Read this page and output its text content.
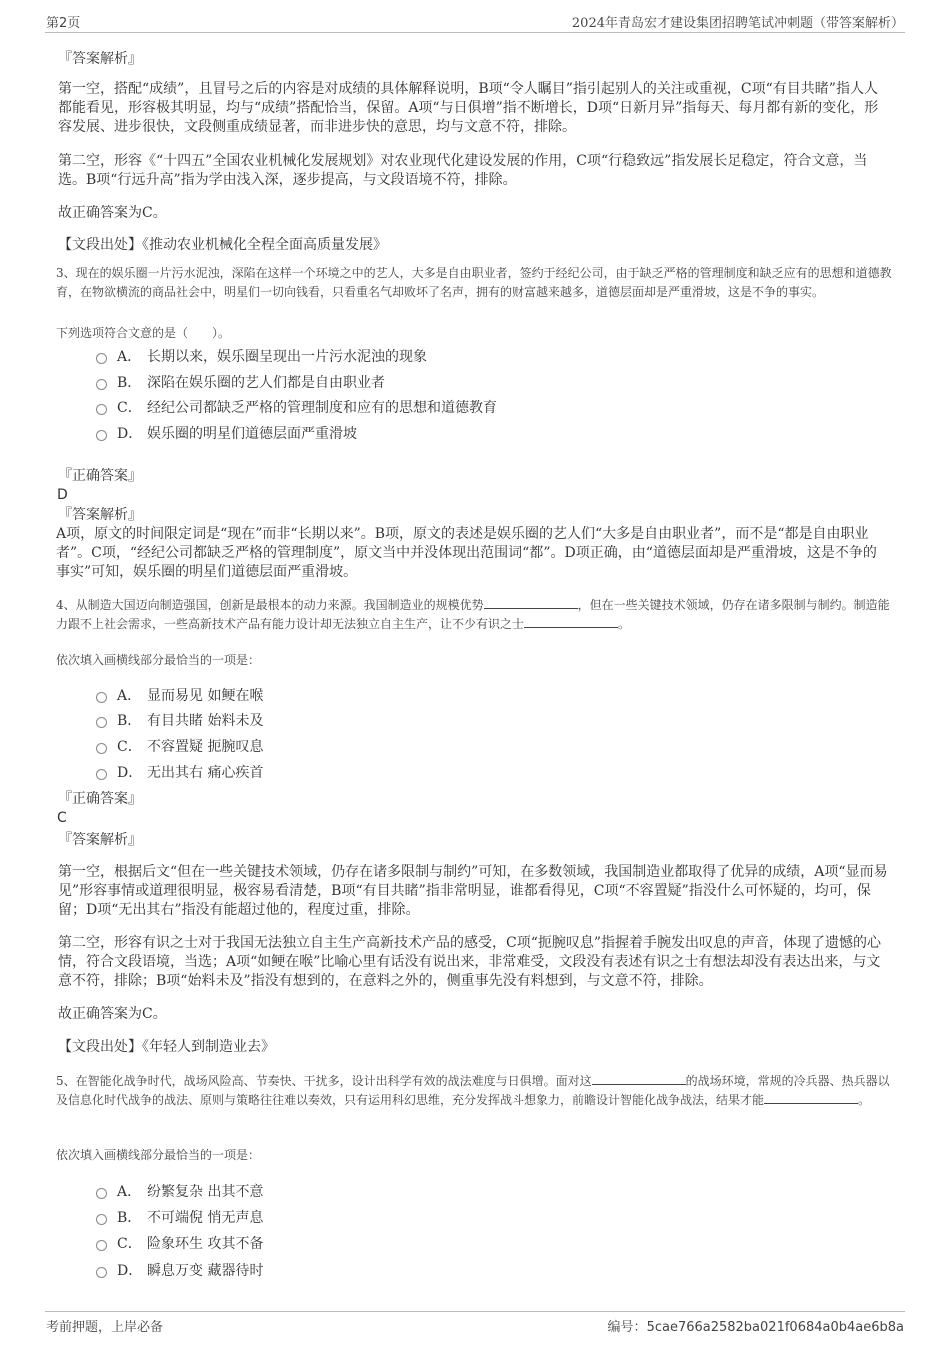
第2页	2024年青岛宏才建设集团招聘笔试冲刺题（带答案解析）
『答案解析』
第一空，搭配“成绩”，且冒号之后的内容是对成绩的具体解释说明，B项“令人瞩目”指引起别人的关注或重视，C项“有目共睹”指人人都能看见，形容极其明显，均与“成绩”搭配恰当，保留。A项“与日俱增”指不断增长，D项“日新月异”指每天、每月都有新的变化，形容发展、进步很快，文段侧重成绩显著，而非进步快的意思，均与文意不符，排除。
第二空，形容《“十四五”全国农业机械化发展规划》对农业现代化建设发展的作用，C项“行稳致远”指发展长足稳定，符合文意，当选。B项“行远升高”指为学由浅入深，逐步提高，与文段语境不符，排除。
故正确答案为C。
【文段出处】《推动农业机械化全程全面高质量发展》
3、现在的娱乐圈一片污水泥浊，深陷在这样一个环境之中的艺人，大多是自由职业者，签约于经纪公司，由于缺乏严格的管理制度和缺乏应有的思想和道德教育，在物欲横流的商品社会中，明星们一切向钱看，只看重名气却败坏了名声，拥有的财富越来越多，道德层面却是严重滑坡，这是不争的事实。
下列选项符合文意的是（　　）。
A． 长期以来，娱乐圈呈现出一片污水泥浊的现象
B． 深陷在娱乐圈的艺人们都是自由职业者
C． 经纪公司都缺乏严格的管理制度和应有的思想和道德教育
D． 娱乐圈的明星们道德层面严重滑坡
『正确答案』
D
『答案解析』
A项，原文的时间限定词是“现在”而非“长期以来”。B项，原文的表述是娱乐圈的艺人们“大多是自由职业者”，而不是“都是自由职业者”。C项，“经纪公司都缺乏严格的管理制度”，原文当中并没体现出范围词“都”。D项正确，由“道德层面却是严重滑坡，这是不争的事实”可知，娱乐圈的明星们道德层面严重滑坡。
4、从制造大国迈向制造强国，创新是最根本的动力来源。我国制造业的规模优势	，但在一些关键技术领域，仍存在诸多限制与制约。制造能力跟不上社会需求，一些高新技术产品有能力设计却无法独立自主生产，让不少有识之士	。
依次填入画横线部分最恰当的一项是：
A． 显而易见 如鲠在喉
B． 有目共睹 始料未及
C． 不容置疑 扼腕叹息
D． 无出其右 痛心疾首
『正确答案』
C
『答案解析』
第一空，根据后文“但在一些关键技术领域，仍存在诸多限制与制约”可知，在多数领域，我国制造业都取得了优异的成绩，A项“显而易见”形容事情或道理很明显，极容易看清楚，B项“有目共睹”指非常明显，谁都看得见，C项“不容置疑”指没什么可怀疑的，均可，保留；D项“无出其右”指没有能超过他的，程度过重，排除。
第二空，形容有识之士对于我国无法独立自主生产高新技术产品的感受，C项“扼腕叹息”指握着手腕发出叹息的声音，体现了遗憾的心情，符合文段语境，当选；A项“如鲠在喉”比喻心里有话没有说出来，非常难受，文段没有表述有识之士有想法却没有表达出来，与文意不符，排除；B项“始料未及”指没有想到的，在意料之外的，侧重事先没有料想到，与文意不符，排除。
故正确答案为C。
【文段出处】《年轻人到制造业去》
5、在智能化战争时代，战场风险高、节奏快、干扰多，设计出科学有效的战法难度与日俱增。面对这	的战场环境，常规的冷兵器、热兵器以及信息化时代战争的战法、原则与策略往往难以奏效，只有运用科幻思维，充分发挥战斗想象力，前瞻设计智能化战争战法，结果才能	。
依次填入画横线部分最恰当的一项是：
A． 纷繁复杂 出其不意
B． 不可端倪 悄无声息
C． 险象环生 攻其不备
D． 瞬息万变 藏器待时
考前押题，上岸必备	编号：5cae766a2582ba021f0684a0b4ae6b8a
